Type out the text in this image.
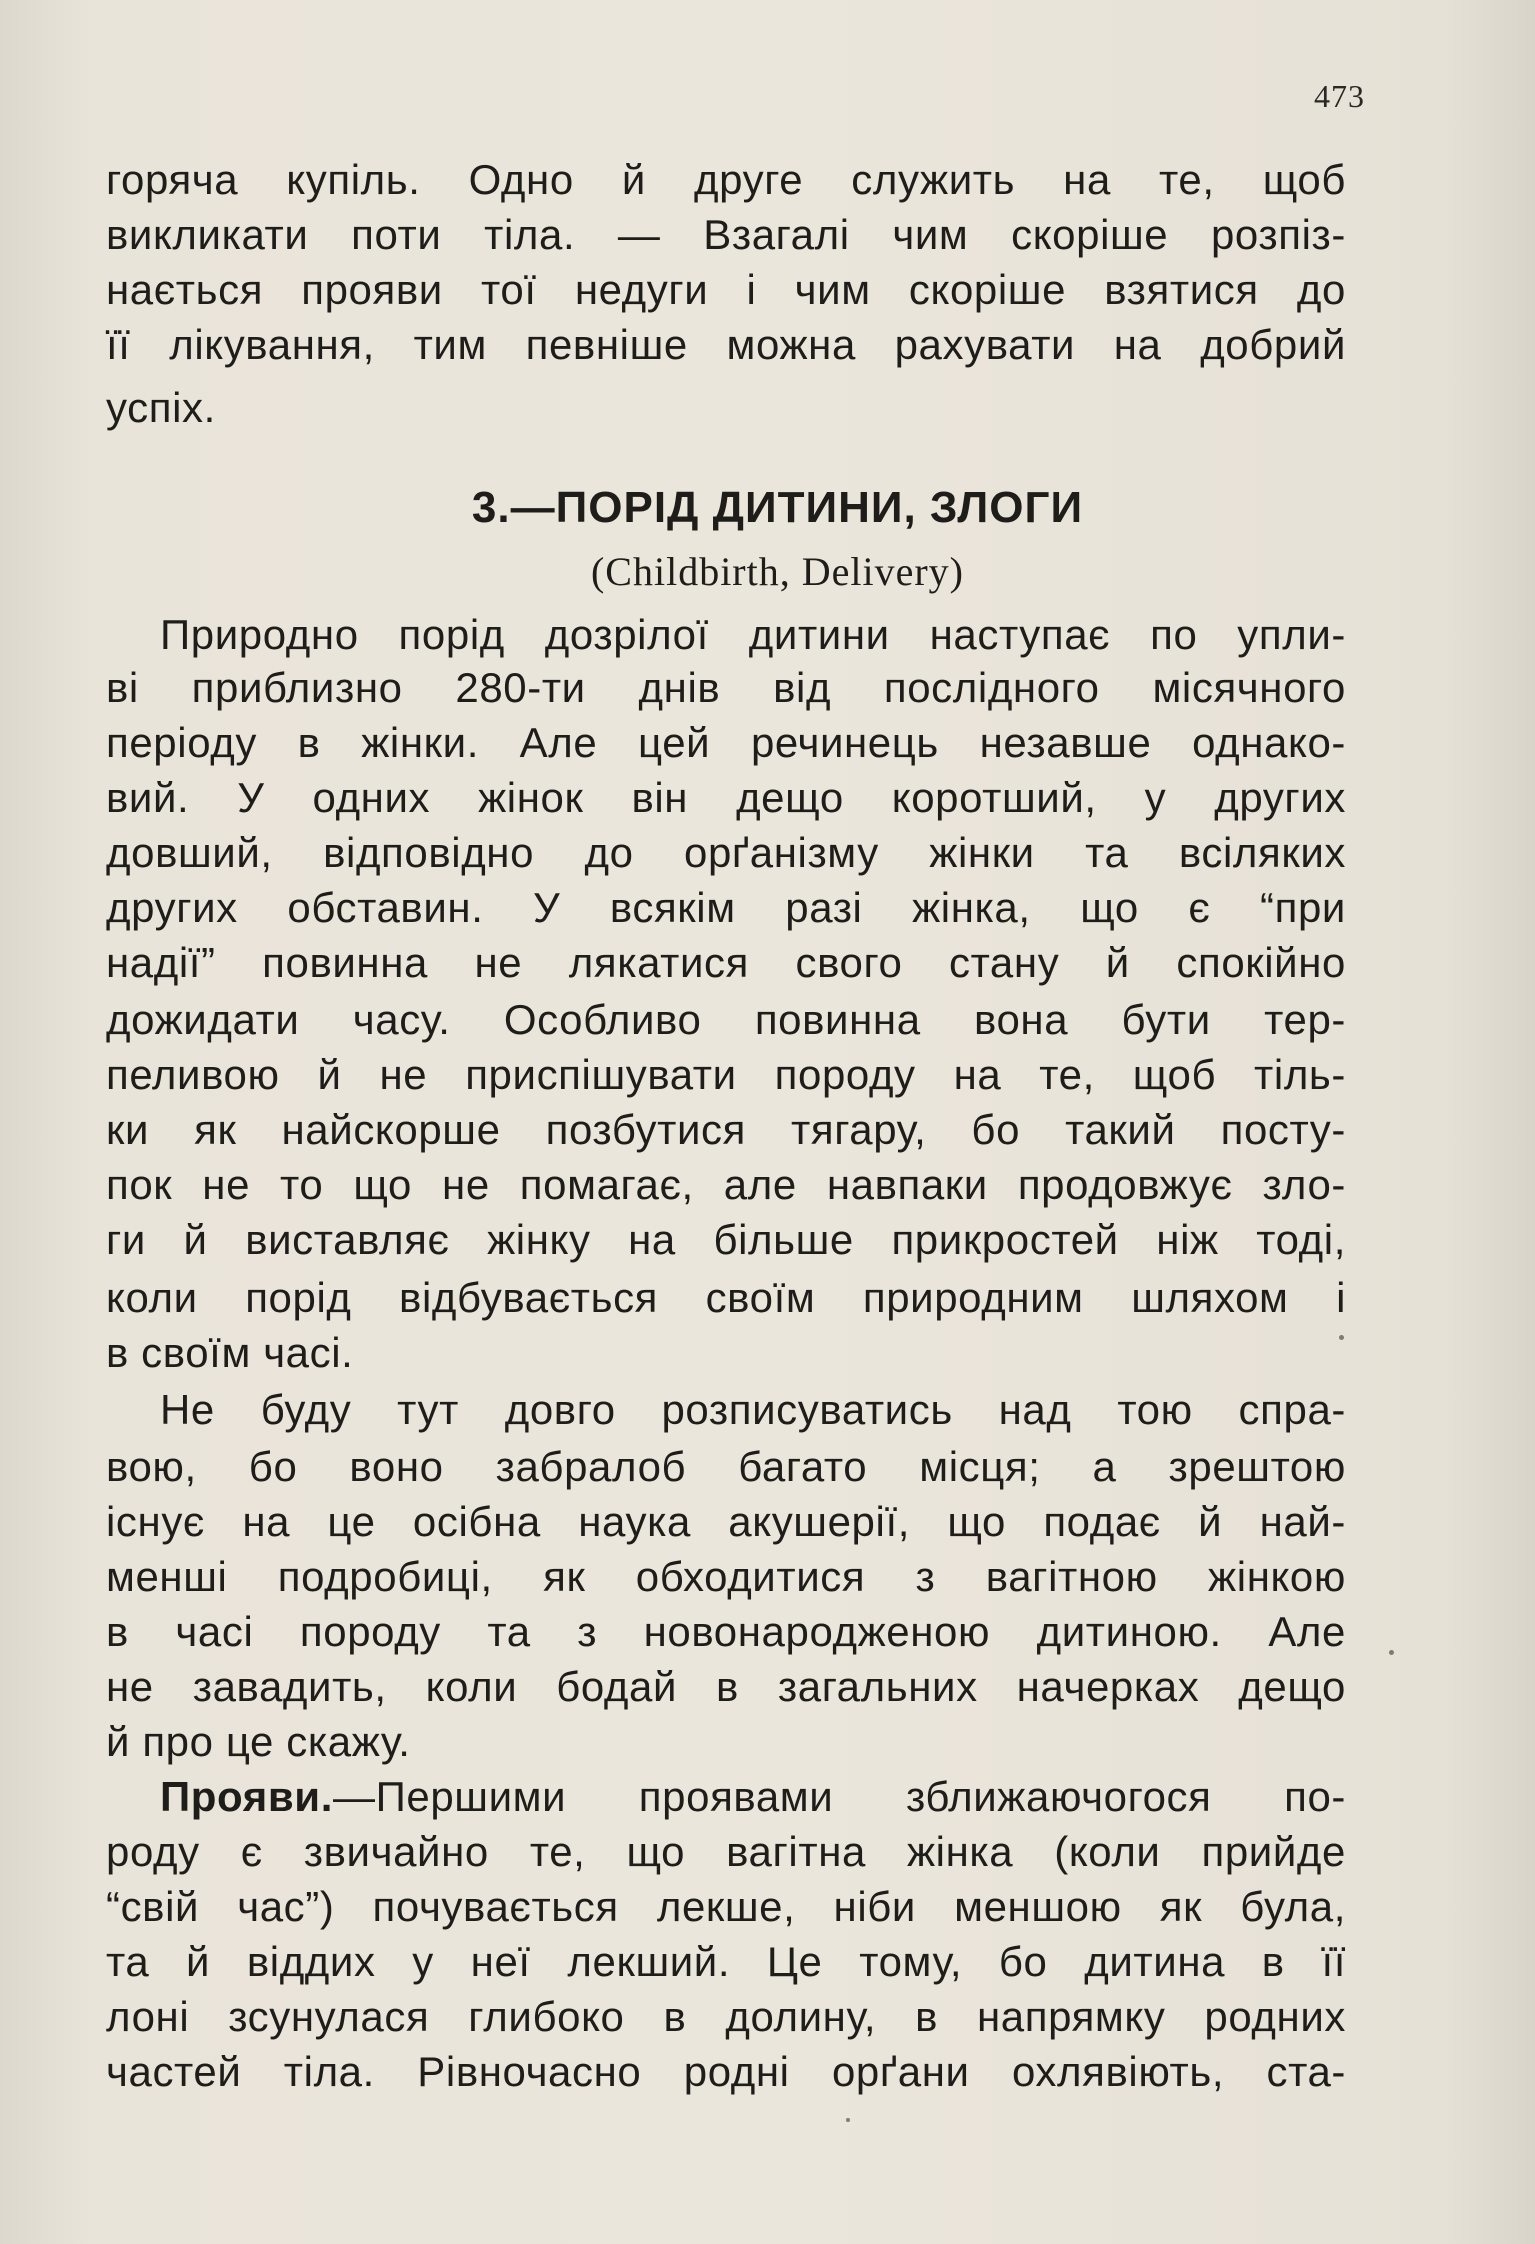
473
горяча купіль. Одно й друге служить на те, щоб
викликати поти тіла. — Взагалі чим скоріше розпіз-
нається прояви тої недуги і чим скоріше взятися до
її лікування, тим певніше можна рахувати на добрий
успіх.
Природно порід дозрілої дитини наступає по упли-
ві приблизно 280-ти днів від послідного місячного
періоду в жінки. Але цей речинець незавше однако-
вий. У одних жінок він дещо коротший, у других
довший, відповідно до орґанізму жінки та всіляких
других обставин. У всякім разі жінка, що є “при
надії” повинна не лякатися свого стану й спокійно
дожидати часу. Особливо повинна вона бути тер-
пеливою й не приспішувати породу на те, щоб тіль-
ки як найскорше позбутися тягару, бо такий посту-
пок не то що не помагає, але навпаки продовжує зло-
ги й виставляє жінку на більше прикростей ніж тоді,
коли порід відбувається своїм природним шляхом і
в своїм часі.
Не буду тут довго розписуватись над тою спра-
вою, бо воно забралоб багато місця; а зрештою
існує на це осібна наука акушерії, що подає й най-
менші подробиці, як обходитися з вагітною жінкою
в часі породу та з новонародженою дитиною. Але
не завадить, коли бодай в загальних начерках дещо
й про це скажу.
Прояви.—Першими проявами зближаючогося по-
роду є звичайно те, що вагітна жінка (коли прийде
“свій час”) почувається лекше, ніби меншою як була,
та й віддих у неї лекший. Це тому, бо дитина в її
лоні зсунулася глибоко в долину, в напрямку родних
частей тіла. Рівночасно родні орґани охлявіють, ста-
3.—ПОРІД ДИТИНИ, ЗЛОГИ
(Childbirth, Delivery)
